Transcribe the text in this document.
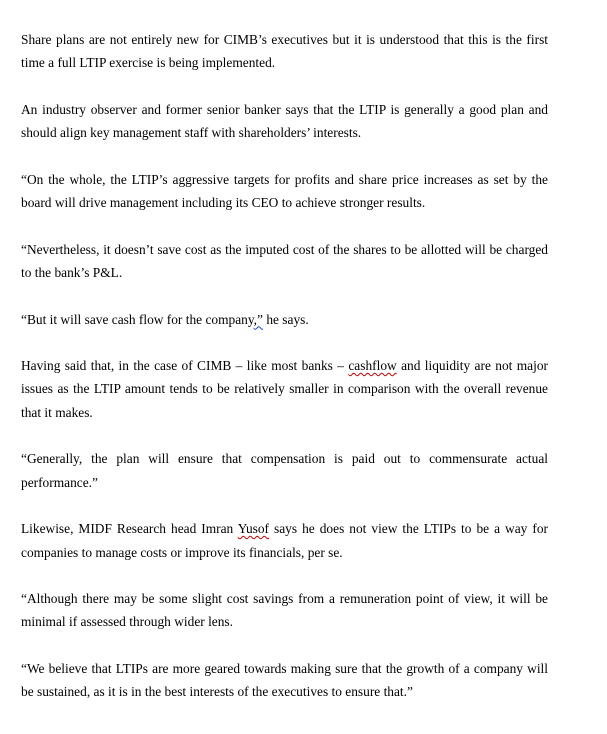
Share plans are not entirely new for CIMB’s executives but it is understood that this is the first time a full LTIP exercise is being implemented.

An industry observer and former senior banker says that the LTIP is generally a good plan and should align key management staff with shareholders’ interests.

“On the whole, the LTIP’s aggressive targets for profits and share price increases as set by the board will drive management including its CEO to achieve stronger results.

“Nevertheless, it doesn’t save cost as the imputed cost of the shares to be allotted will be charged to the bank’s P&L.

“But it will save cash flow for the company,” he says.

Having said that, in the case of CIMB – like most banks – cashflow and liquidity are not major issues as the LTIP amount tends to be relatively smaller in comparison with the overall revenue that it makes.

“Generally, the plan will ensure that compensation is paid out to commensurate actual performance.”

Likewise, MIDF Research head Imran Yusof says he does not view the LTIPs to be a way for companies to manage costs or improve its financials, per se.

“Although there may be some slight cost savings from a remuneration point of view, it will be minimal if assessed through wider lens.

“We believe that LTIPs are more geared towards making sure that the growth of a company will be sustained, as it is in the best interests of the executives to ensure that.”
